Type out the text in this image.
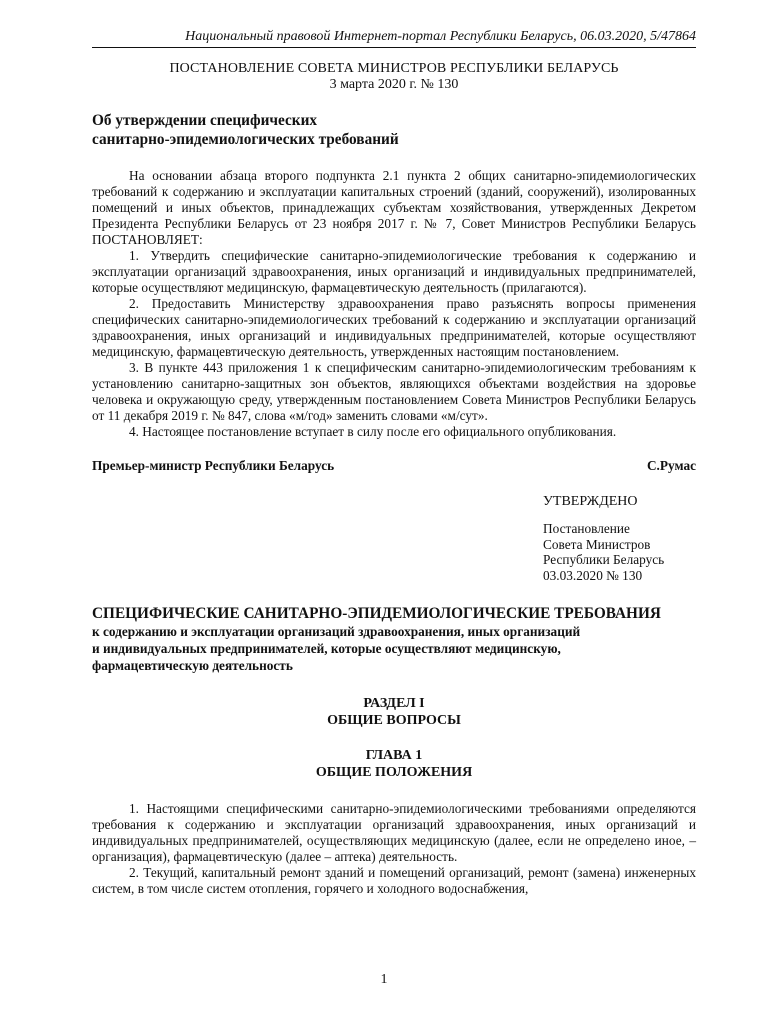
Национальный правовой Интернет-портал Республики Беларусь, 06.03.2020, 5/47864
ПОСТАНОВЛЕНИЕ СОВЕТА МИНИСТРОВ РЕСПУБЛИКИ БЕЛАРУСЬ
3 марта 2020 г. № 130
Об утверждении специфических
санитарно-эпидемиологических требований

На основании абзаца второго подпункта 2.1 пункта 2 общих санитарно-эпидемиологических требований к содержанию и эксплуатации капитальных строений (зданий, сооружений), изолированных помещений и иных объектов, принадлежащих субъектам хозяйствования, утвержденных Декретом Президента Республики Беларусь от 23 ноября 2017 г. № 7, Совет Министров Республики Беларусь ПОСТАНОВЛЯЕТ:

1. Утвердить специфические санитарно-эпидемиологические требования к содержанию и эксплуатации организаций здравоохранения, иных организаций и индивидуальных предпринимателей, которые осуществляют медицинскую, фармацевтическую деятельность (прилагаются).

2. Предоставить Министерству здравоохранения право разъяснять вопросы применения специфических санитарно-эпидемиологических требований к содержанию и эксплуатации организаций здравоохранения, иных организаций и индивидуальных предпринимателей, которые осуществляют медицинскую, фармацевтическую деятельность, утвержденных настоящим постановлением.

3. В пункте 443 приложения 1 к специфическим санитарно-эпидемиологическим требованиям к установлению санитарно-защитных зон объектов, являющихся объектами воздействия на здоровье человека и окружающую среду, утвержденным постановлением Совета Министров Республики Беларусь от 11 декабря 2019 г. № 847, слова «м/год» заменить словами «м/сут».

4. Настоящее постановление вступает в силу после его официального опубликования.

Премьер-министр Республики Беларусь	С.Румас
УТВЕРЖДЕНО
Постановление
Совета Министров
Республики Беларусь
03.03.2020 № 130
СПЕЦИФИЧЕСКИЕ САНИТАРНО-ЭПИДЕМИОЛОГИЧЕСКИЕ ТРЕБОВАНИЯ
к содержанию и эксплуатации организаций здравоохранения, иных организаций
и индивидуальных предпринимателей, которые осуществляют медицинскую,
фармацевтическую деятельность
РАЗДЕЛ I
ОБЩИЕ ВОПРОСЫ
ГЛАВА 1
ОБЩИЕ ПОЛОЖЕНИЯ

1. Настоящими специфическими санитарно-эпидемиологическими требованиями определяются требования к содержанию и эксплуатации организаций здравоохранения, иных организаций и индивидуальных предпринимателей, осуществляющих медицинскую (далее, если не определено иное, – организация), фармацевтическую (далее – аптека) деятельность.

2. Текущий, капитальный ремонт зданий и помещений организаций, ремонт (замена) инженерных систем, в том числе систем отопления, горячего и холодного водоснабжения,

1
